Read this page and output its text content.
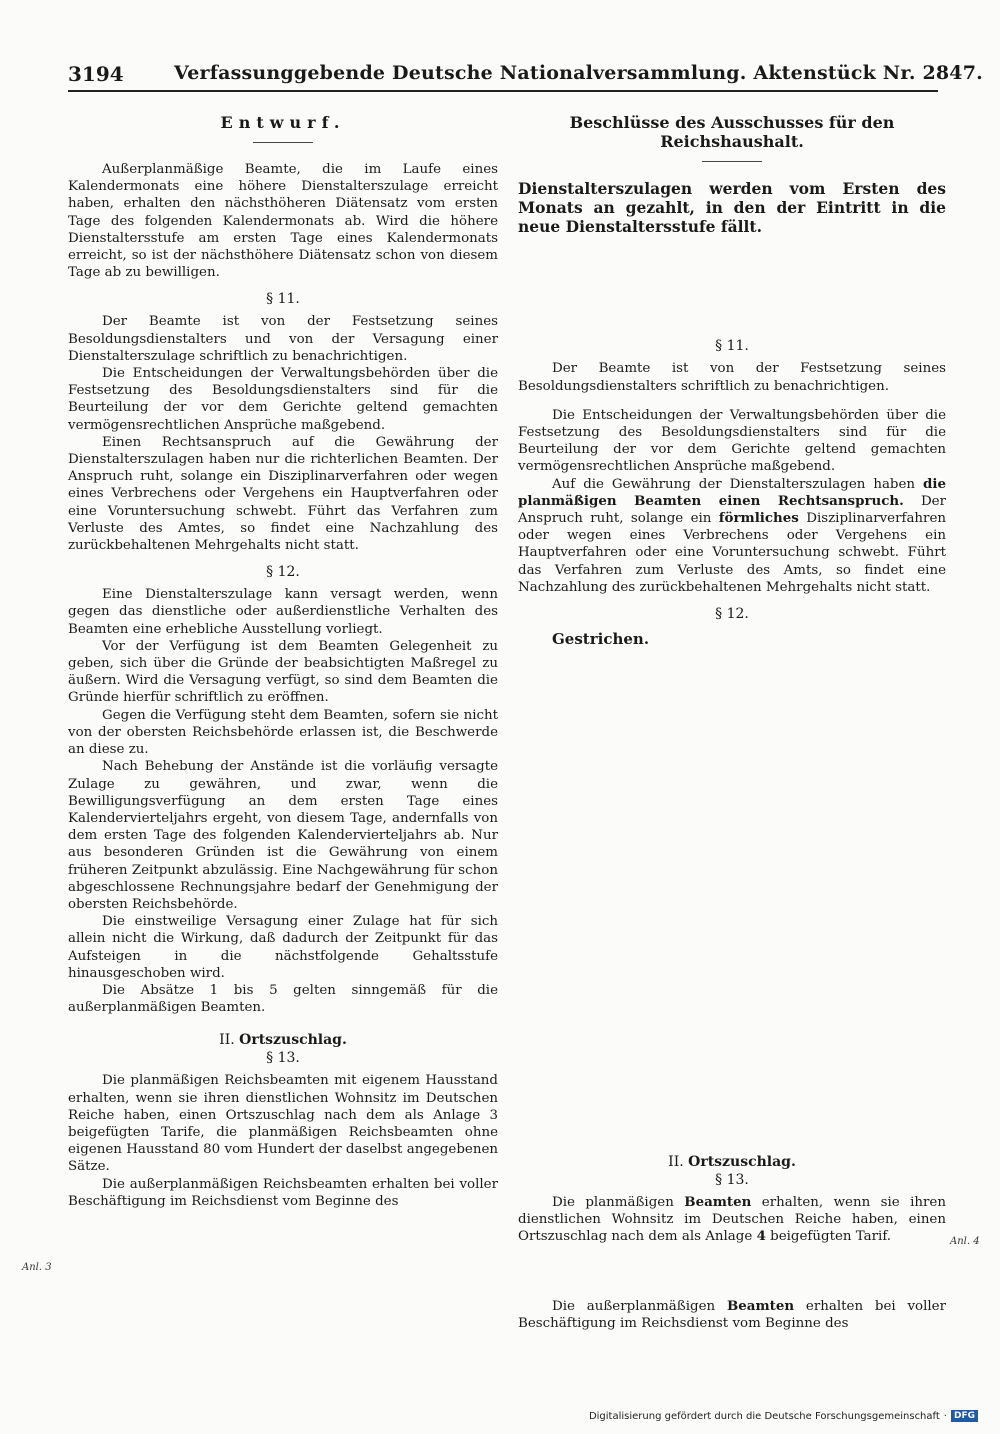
3194	Verfassunggebende Deutsche Nationalversammlung. Aktenstück Nr. 2847.
Entwurf.

Außerplanmäßige Beamte, die im Laufe eines Kalendermonats eine höhere Dienstalterszulage erreicht haben, erhalten den nächsthöheren Diätensatz vom ersten Tage des folgenden Kalendermonats ab. Wird die höhere Dienstaltersstufe am ersten Tage eines Kalendermonats erreicht, so ist der nächsthöhere Diätensatz schon von diesem Tage ab zu bewilligen.

§ 11.

Der Beamte ist von der Festsetzung seines Besoldungsdienstalters und von der Versagung einer Dienstalterszulage schriftlich zu benachrichtigen.

Die Entscheidungen der Verwaltungsbehörden über die Festsetzung des Besoldungsdienstalters sind für die Beurteilung der vor dem Gerichte geltend gemachten vermögensrechtlichen Ansprüche maßgebend.

Einen Rechtsanspruch auf die Gewährung der Dienstalterszulagen haben nur die richterlichen Beamten. Der Anspruch ruht, solange ein Disziplinarverfahren oder wegen eines Verbrechens oder Vergehens ein Hauptverfahren oder eine Voruntersuchung schwebt. Führt das Verfahren zum Verluste des Amtes, so findet eine Nachzahlung des zurückbehaltenen Mehrgehalts nicht statt.

§ 12.

Eine Dienstalterszulage kann versagt werden, wenn gegen das dienstliche oder außerdienstliche Verhalten des Beamten eine erhebliche Ausstellung vorliegt.

Vor der Verfügung ist dem Beamten Gelegenheit zu geben, sich über die Gründe der beabsichtigten Maßregel zu äußern. Wird die Versagung verfügt, so sind dem Beamten die Gründe hierfür schriftlich zu eröffnen.

Gegen die Verfügung steht dem Beamten, sofern sie nicht von der obersten Reichsbehörde erlassen ist, die Beschwerde an diese zu.

Nach Behebung der Anstände ist die vorläufig versagte Zulage zu gewähren, und zwar, wenn die Bewilligungsverfügung an dem ersten Tage eines Kalendervierteljahrs ergeht, von diesem Tage, andernfalls von dem ersten Tage des folgenden Kalendervierteljahrs ab. Nur aus besonderen Gründen ist die Gewährung von einem früheren Zeitpunkt abzulässig. Eine Nachgewährung für schon abgeschlossene Rechnungsjahre bedarf der Genehmigung der obersten Reichsbehörde.

Die einstweilige Versagung einer Zulage hat für sich allein nicht die Wirkung, daß dadurch der Zeitpunkt für das Aufsteigen in die nächstfolgende Gehaltsstufe hinausgeschoben wird.

Die Absätze 1 bis 5 gelten sinngemäß für die außerplanmäßigen Beamten.

II. Ortszuschlag.
§ 13.

Die planmäßigen Reichsbeamten mit eigenem Hausstand erhalten, wenn sie ihren dienstlichen Wohnsitz im Deutschen Reiche haben, einen Ortszuschlag nach dem als Anlage 3 beigefügten Tarife, die planmäßigen Reichsbeamten ohne eigenen Hausstand 80 vom Hundert der daselbst angegebenen Sätze.

Die außerplanmäßigen Reichsbeamten erhalten bei voller Beschäftigung im Reichsdienst vom Beginne des

Anl. 3
Beschlüsse des Ausschusses für den Reichshaushalt.

Dienstalterszulagen werden vom Ersten des Monats an gezahlt, in den der Eintritt in die neue Dienstaltersstufe fällt.

§ 11.

Der Beamte ist von der Festsetzung seines Besoldungsdienstalters schriftlich zu benachrichtigen.

Die Entscheidungen der Verwaltungsbehörden über die Festsetzung des Besoldungsdienstalters sind für die Beurteilung der vor dem Gerichte geltend gemachten vermögensrechtlichen Ansprüche maßgebend.

Auf die Gewährung der Dienstalterszulagen haben die planmäßigen Beamten einen Rechtsanspruch. Der Anspruch ruht, solange ein förmliches Disziplinarverfahren oder wegen eines Verbrechens oder Vergehens ein Hauptverfahren oder eine Voruntersuchung schwebt. Führt das Verfahren zum Verluste des Amts, so findet eine Nachzahlung des zurückbehaltenen Mehrgehalts nicht statt.

§ 12.
Gestrichen.
II. Ortszuschlag.
§ 13.

Die planmäßigen Beamten erhalten, wenn sie ihren dienstlichen Wohnsitz im Deutschen Reiche haben, einen Ortszuschlag nach dem als Anlage 4 beigefügten Tarif.

Die außerplanmäßigen Beamten erhalten bei voller Beschäftigung im Reichsdienst vom Beginne des

Anl. 4
Digitalisierung gefördert durch die Deutsche Forschungsgemeinschaft · DFG
